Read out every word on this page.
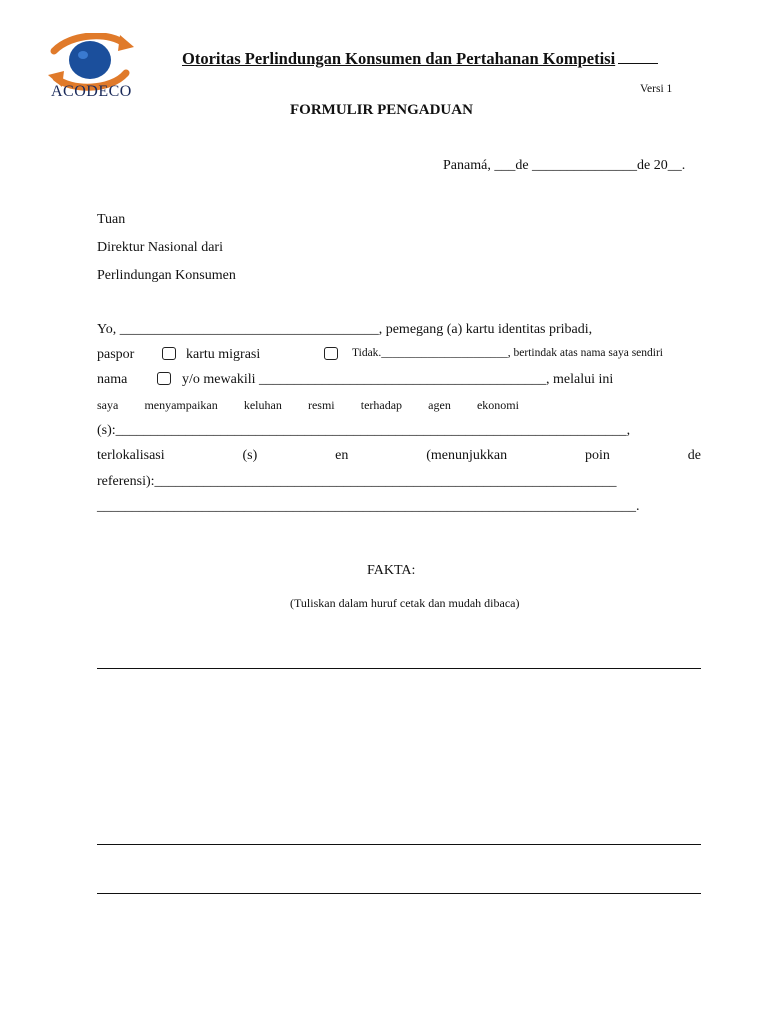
ACODECO
Otoritas Perlindungan Konsumen dan Pertahanan Kompetisi
Versi 1
FORMULIR PENGADUAN
Panamá, ___de _______________de 20__.
Tuan
Direktur Nasional dari
Perlindungan Konsumen
Yo, _____________________________________, pemegang (a) kartu identitas pribadi,
paspor	kartu migrasi	Tidak.______________________, bertindak atas nama saya sendiri
nama	y/o mewakili _________________________________________, melalui ini
saya menyampaikan keluhan resmi terhadap agen ekonomi
(s):_________________________________________________________________________,
terlokalisasi	(s)	en	(menunjukkan	poin	de
referensi):__________________________________________________________________
_____________________________________________________________________________.
FAKTA:
(Tuliskan dalam huruf cetak dan mudah dibaca)
